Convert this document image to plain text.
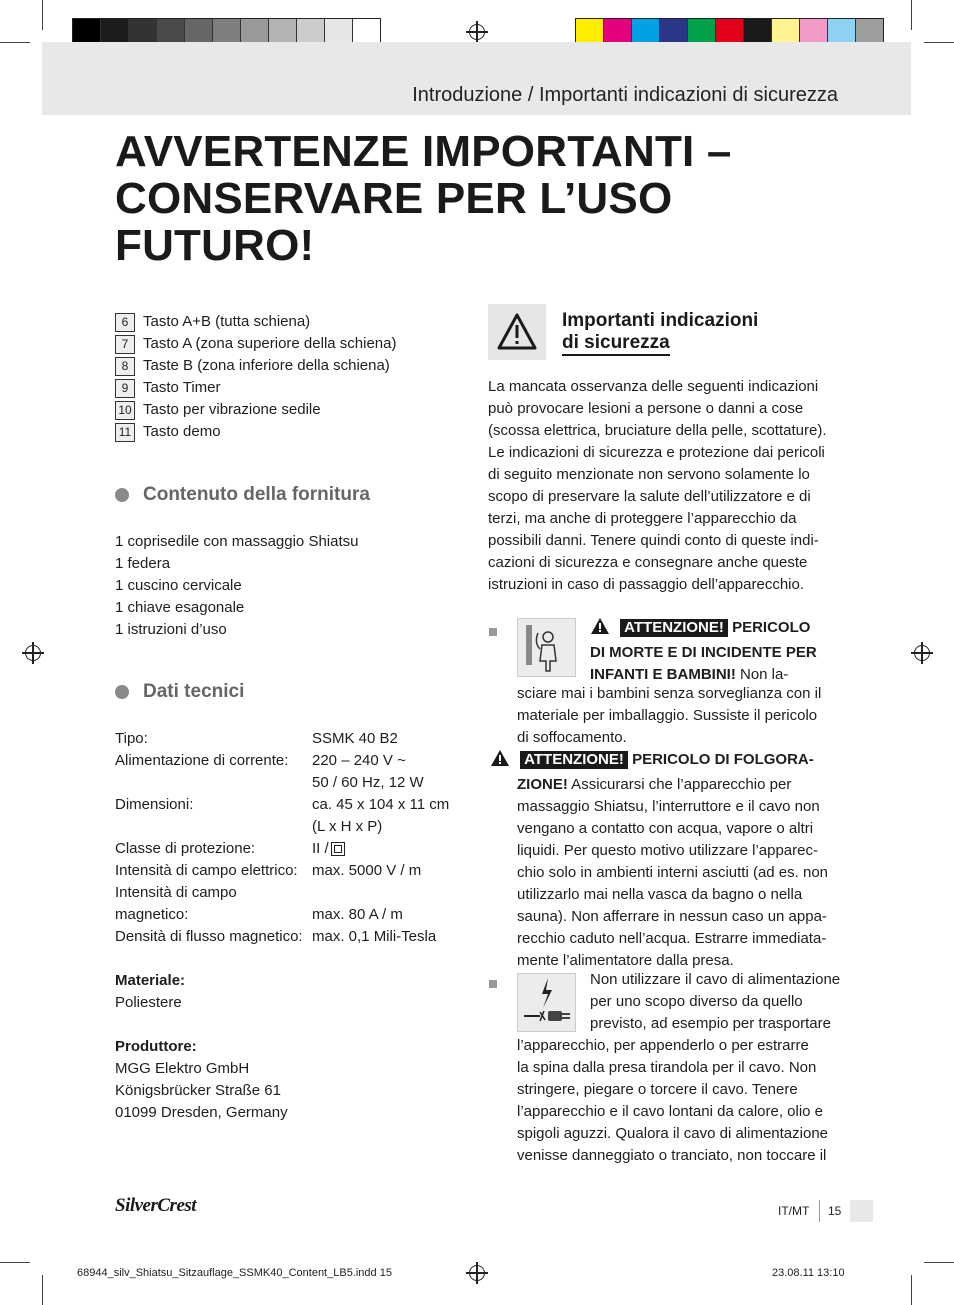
Introduzione / Importanti indicazioni di sicurezza
AVVERTENZE IMPORTANTI – CONSERVARE PER L’USO FUTURO!
6 Tasto A+B (tutta schiena)
7 Tasto A (zona superiore della schiena)
8 Taste B (zona inferiore della schiena)
9 Tasto Timer
10 Tasto per vibrazione sedile
11 Tasto demo
Contenuto della fornitura
1 coprisedile con massaggio Shiatsu
1 federa
1 cuscino cervicale
1 chiave esagonale
1 istruzioni d’uso
Dati tecnici
Tipo:	SSMK 40 B2
Alimentazione di corrente:	220 – 240 V ~
50 / 60 Hz, 12 W
Dimensioni:	ca. 45 x 104 x 11 cm
(L x H x P)
Classe di protezione:	II /
Intensità di campo elettrico: max. 5000 V / m
Intensità di campo
magnetico:	max. 80 A / m
Densità di flusso magnetico: max. 0,1 Mili-Tesla
Materiale:
Poliestere
Produttore:
MGG Elektro GmbH
Königsbrücker Straße 61
01099 Dresden, Germany
Importanti indicazioni
di sicurezza
La mancata osservanza delle seguenti indicazioni
può provocare lesioni a persone o danni a cose
(scossa elettrica, bruciature della pelle, scottature).
Le indicazioni di sicurezza e protezione dai pericoli
di seguito menzionate non servono solamente lo
scopo di preservare la salute dell’utilizzatore e di
terzi, ma anche di proteggere l’apparecchio da
possibili danni. Tenere quindi conto di queste indi-
cazioni di sicurezza e consegnare anche queste
istruzioni in caso di passaggio dell’apparecchio.
ATTENZIONE! PERICOLO
DI MORTE E DI INCIDENTE PER
INFANTI E BAMBINI! Non la-
sciare mai i bambini senza sorveglianza con il
materiale per imballaggio. Sussiste il pericolo
di soffocamento.
ATTENZIONE! PERICOLO DI FOLGORA-
ZIONE! Assicurarsi che l’apparecchio per
massaggio Shiatsu, l’interruttore e il cavo non
vengano a contatto con acqua, vapore o altri
liquidi. Per questo motivo utilizzare l’apparec-
chio solo in ambienti interni asciutti (ad es. non
utilizzarlo mai nella vasca da bagno o nella
sauna). Non afferrare in nessun caso un appa-
recchio caduto nell’acqua. Estrarre immediata-
mente l’alimentatore dalla presa.
Non utilizzare il cavo di alimentazione
per uno scopo diverso da quello
previsto, ad esempio per trasportare
l’apparecchio, per appenderlo o per estrarre
la spina dalla presa tirandola per il cavo. Non
stringere, piegare o torcere il cavo. Tenere
l’apparecchio e il cavo lontani da calore, olio e
spigoli aguzzi. Qualora il cavo di alimentazione
venisse danneggiato o tranciato, non toccare il
SilverCrest	IT/MT 15
68944_silv_Shiatsu_Sitzauflage_SSMK40_Content_LB5.indd 15	23.08.11 13:10
